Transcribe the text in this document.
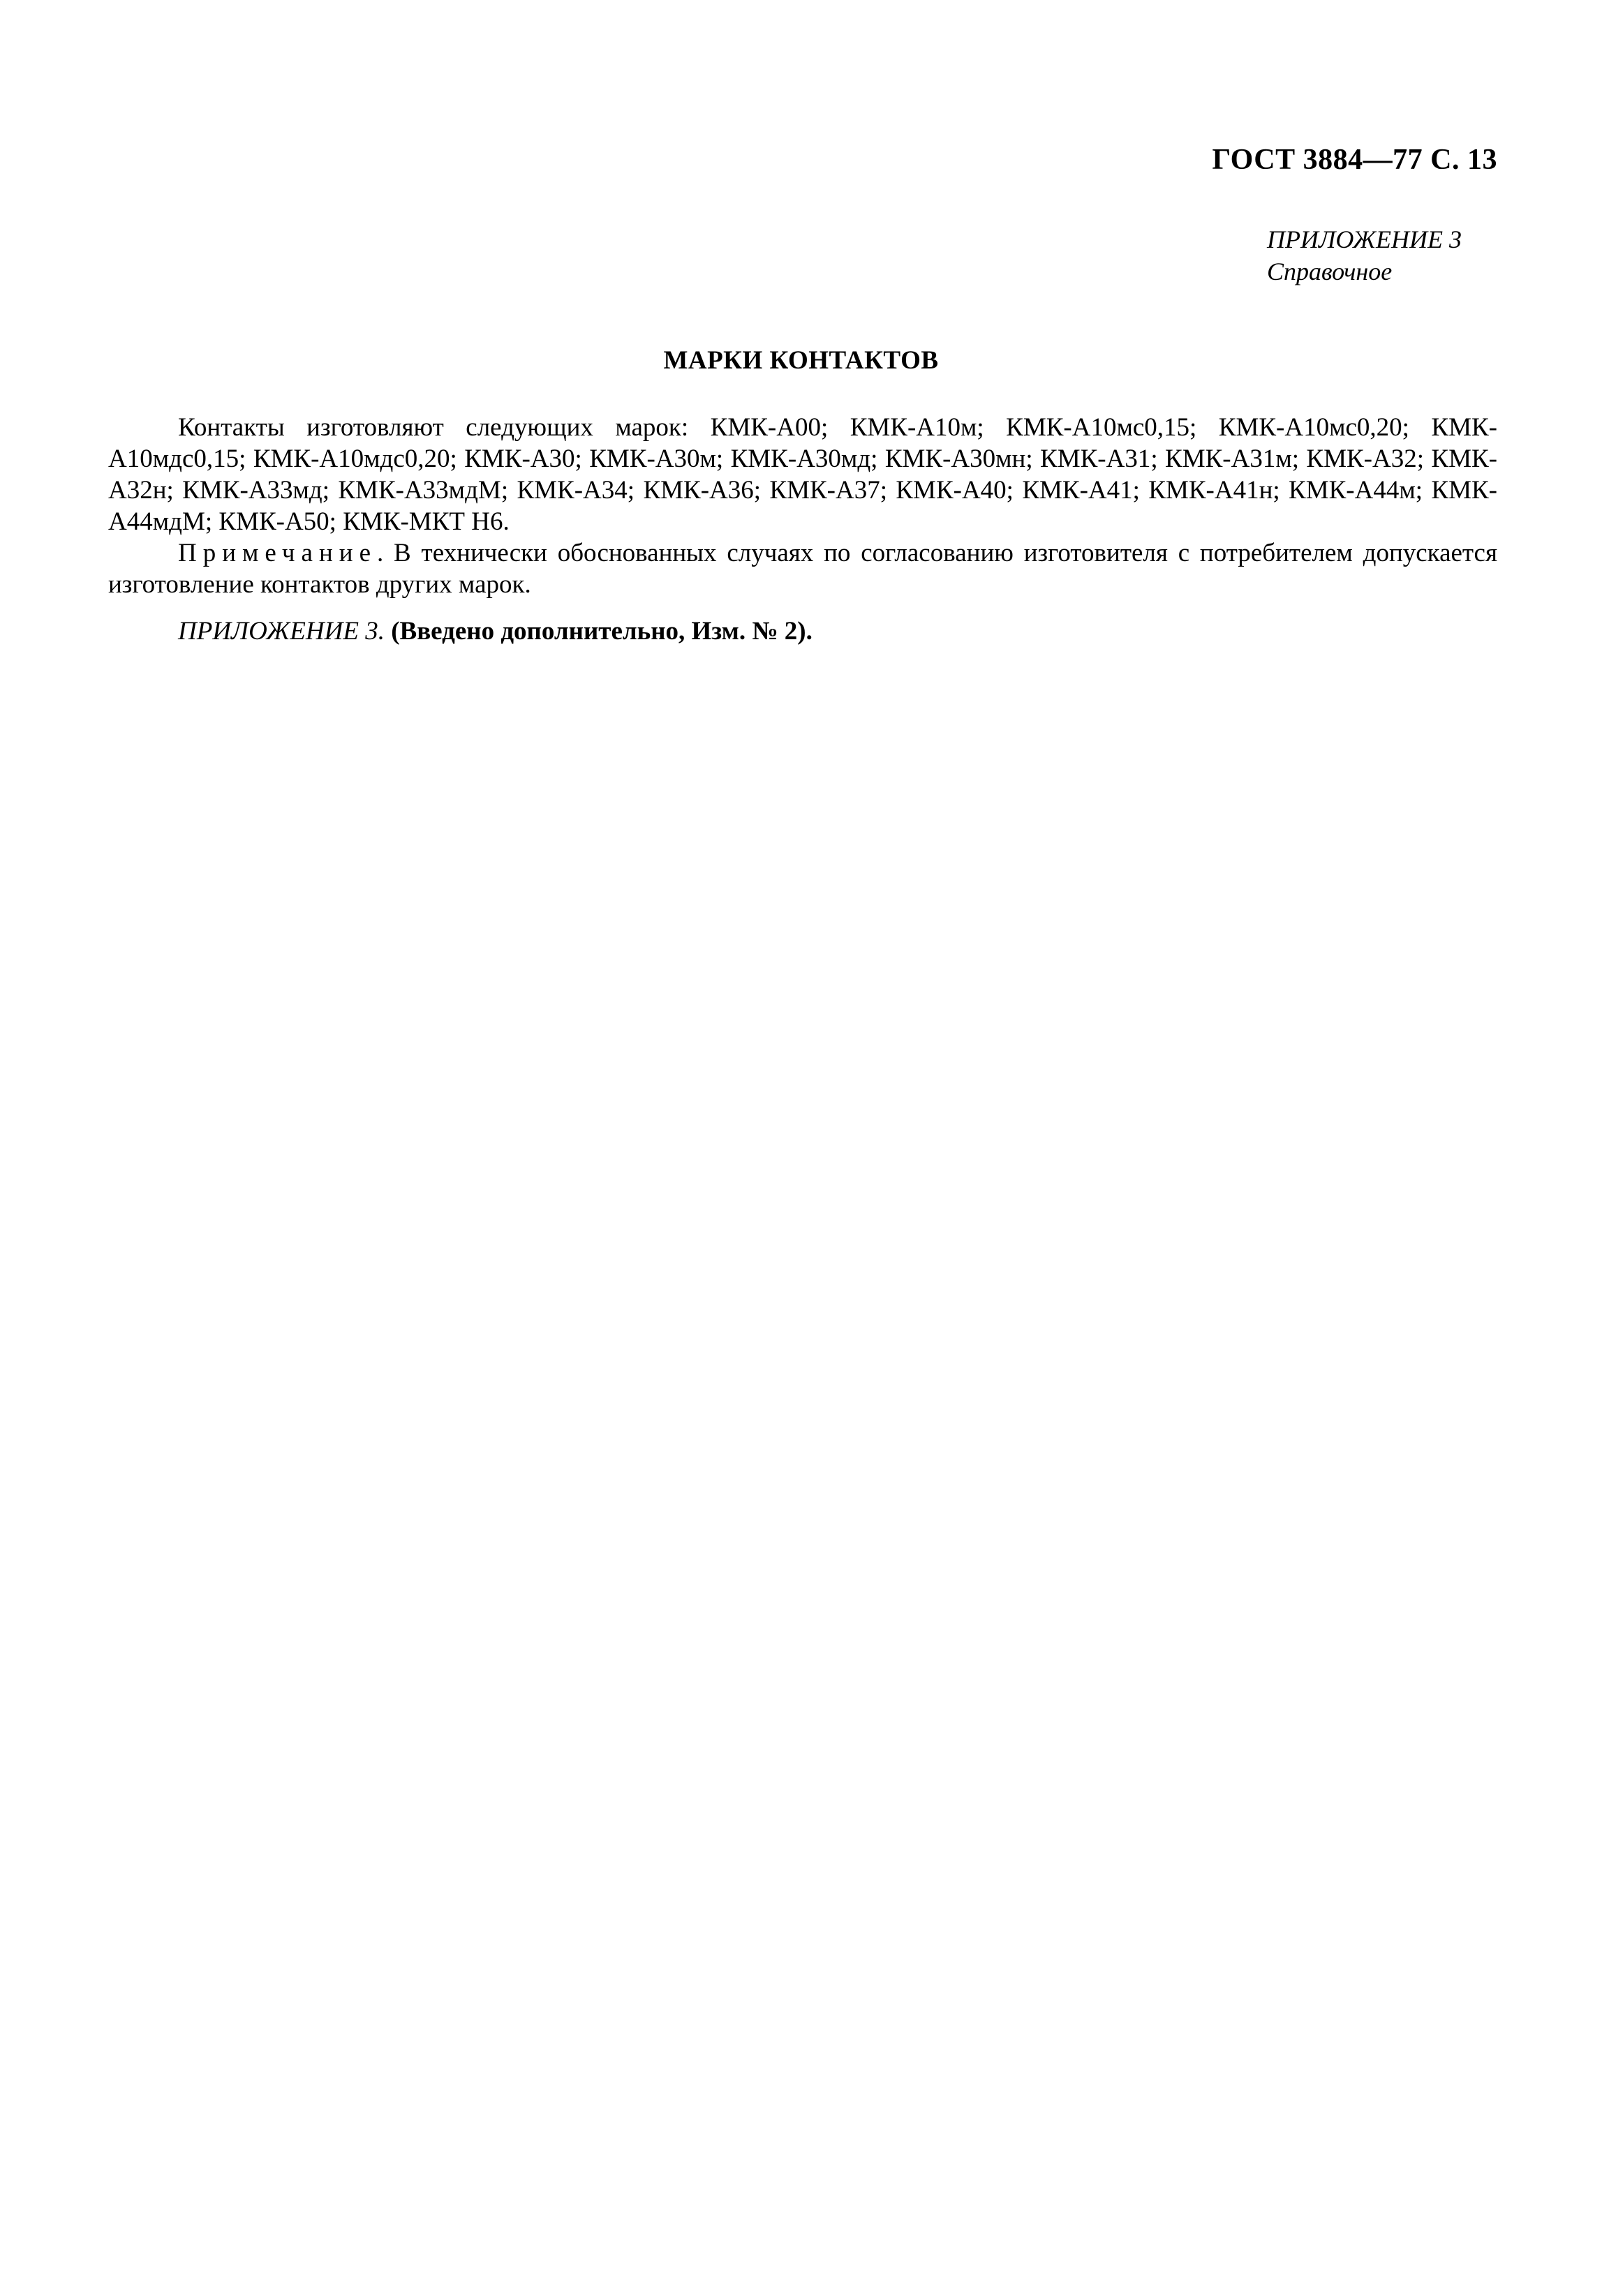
ГОСТ 3884—77 С. 13
ПРИЛОЖЕНИЕ 3
Справочное
МАРКИ КОНТАКТОВ

Контакты изготовляют следующих марок: КМК-А00; КМК-А10м; КМК-А10мс0,15; КМК-А10мс0,20; КМК-А10мдс0,15; КМК-А10мдс0,20; КМК-А30; КМК-А30м; КМК-А30мд; КМК-А30мн; КМК-А31; КМК-А31м; КМК-А32; КМК-А32н; КМК-А33мд; КМК-А33мдМ; КМК-А34; КМК-А36; КМК-А37; КМК-А40; КМК-А41; КМК-А41н; КМК-А44м; КМК-А44мдМ; КМК-А50; КМК-МКТ Н6.

Примечание. В технически обоснованных случаях по согласованию изготовителя с потребителем допускается изготовление контактов других марок.

ПРИЛОЖЕНИЕ 3. (Введено дополнительно, Изм. № 2).
